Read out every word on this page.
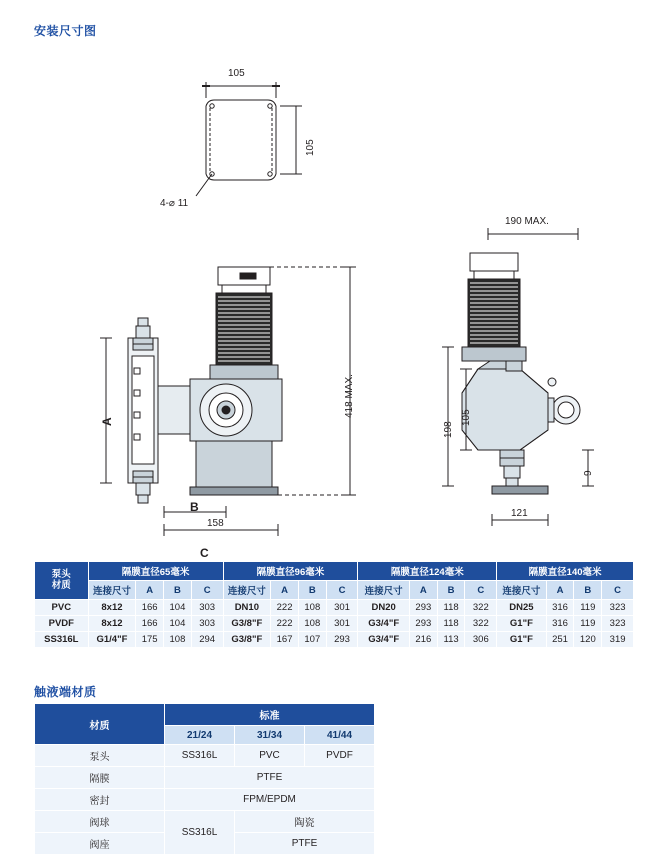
安装尺寸图
105
105
4-⌀ 11
A
B
158
C
418 MAX.
190 MAX.
198
105
9
121
泵头
材质	隔膜直径65毫米				隔膜直径96毫米				隔膜直径124毫米				隔膜直径140毫米			
	连接尺寸	A	B	C	连接尺寸	A	B	C	连接尺寸	A	B	C	连接尺寸	A	B	C
PVC	8x12	166	104	303	DN10	222	108	301	DN20	293	118	322	DN25	316	119	323
PVDF	8x12	166	104	303	G3/8"F	222	108	301	G3/4"F	293	118	322	G1"F	316	119	323
SS316L	G1/4"F	175	108	294	G3/8"F	167	107	293	G3/4"F	216	113	306	G1"F	251	120	319
触液端材质
材质	标准		
	21/24	31/34	41/44
泵头	SS316L	PVC	PVDF
隔膜	PTFE		
密封	FPM/EPDM		
阀球	SS316L	陶瓷	
阀座		PTFE	
